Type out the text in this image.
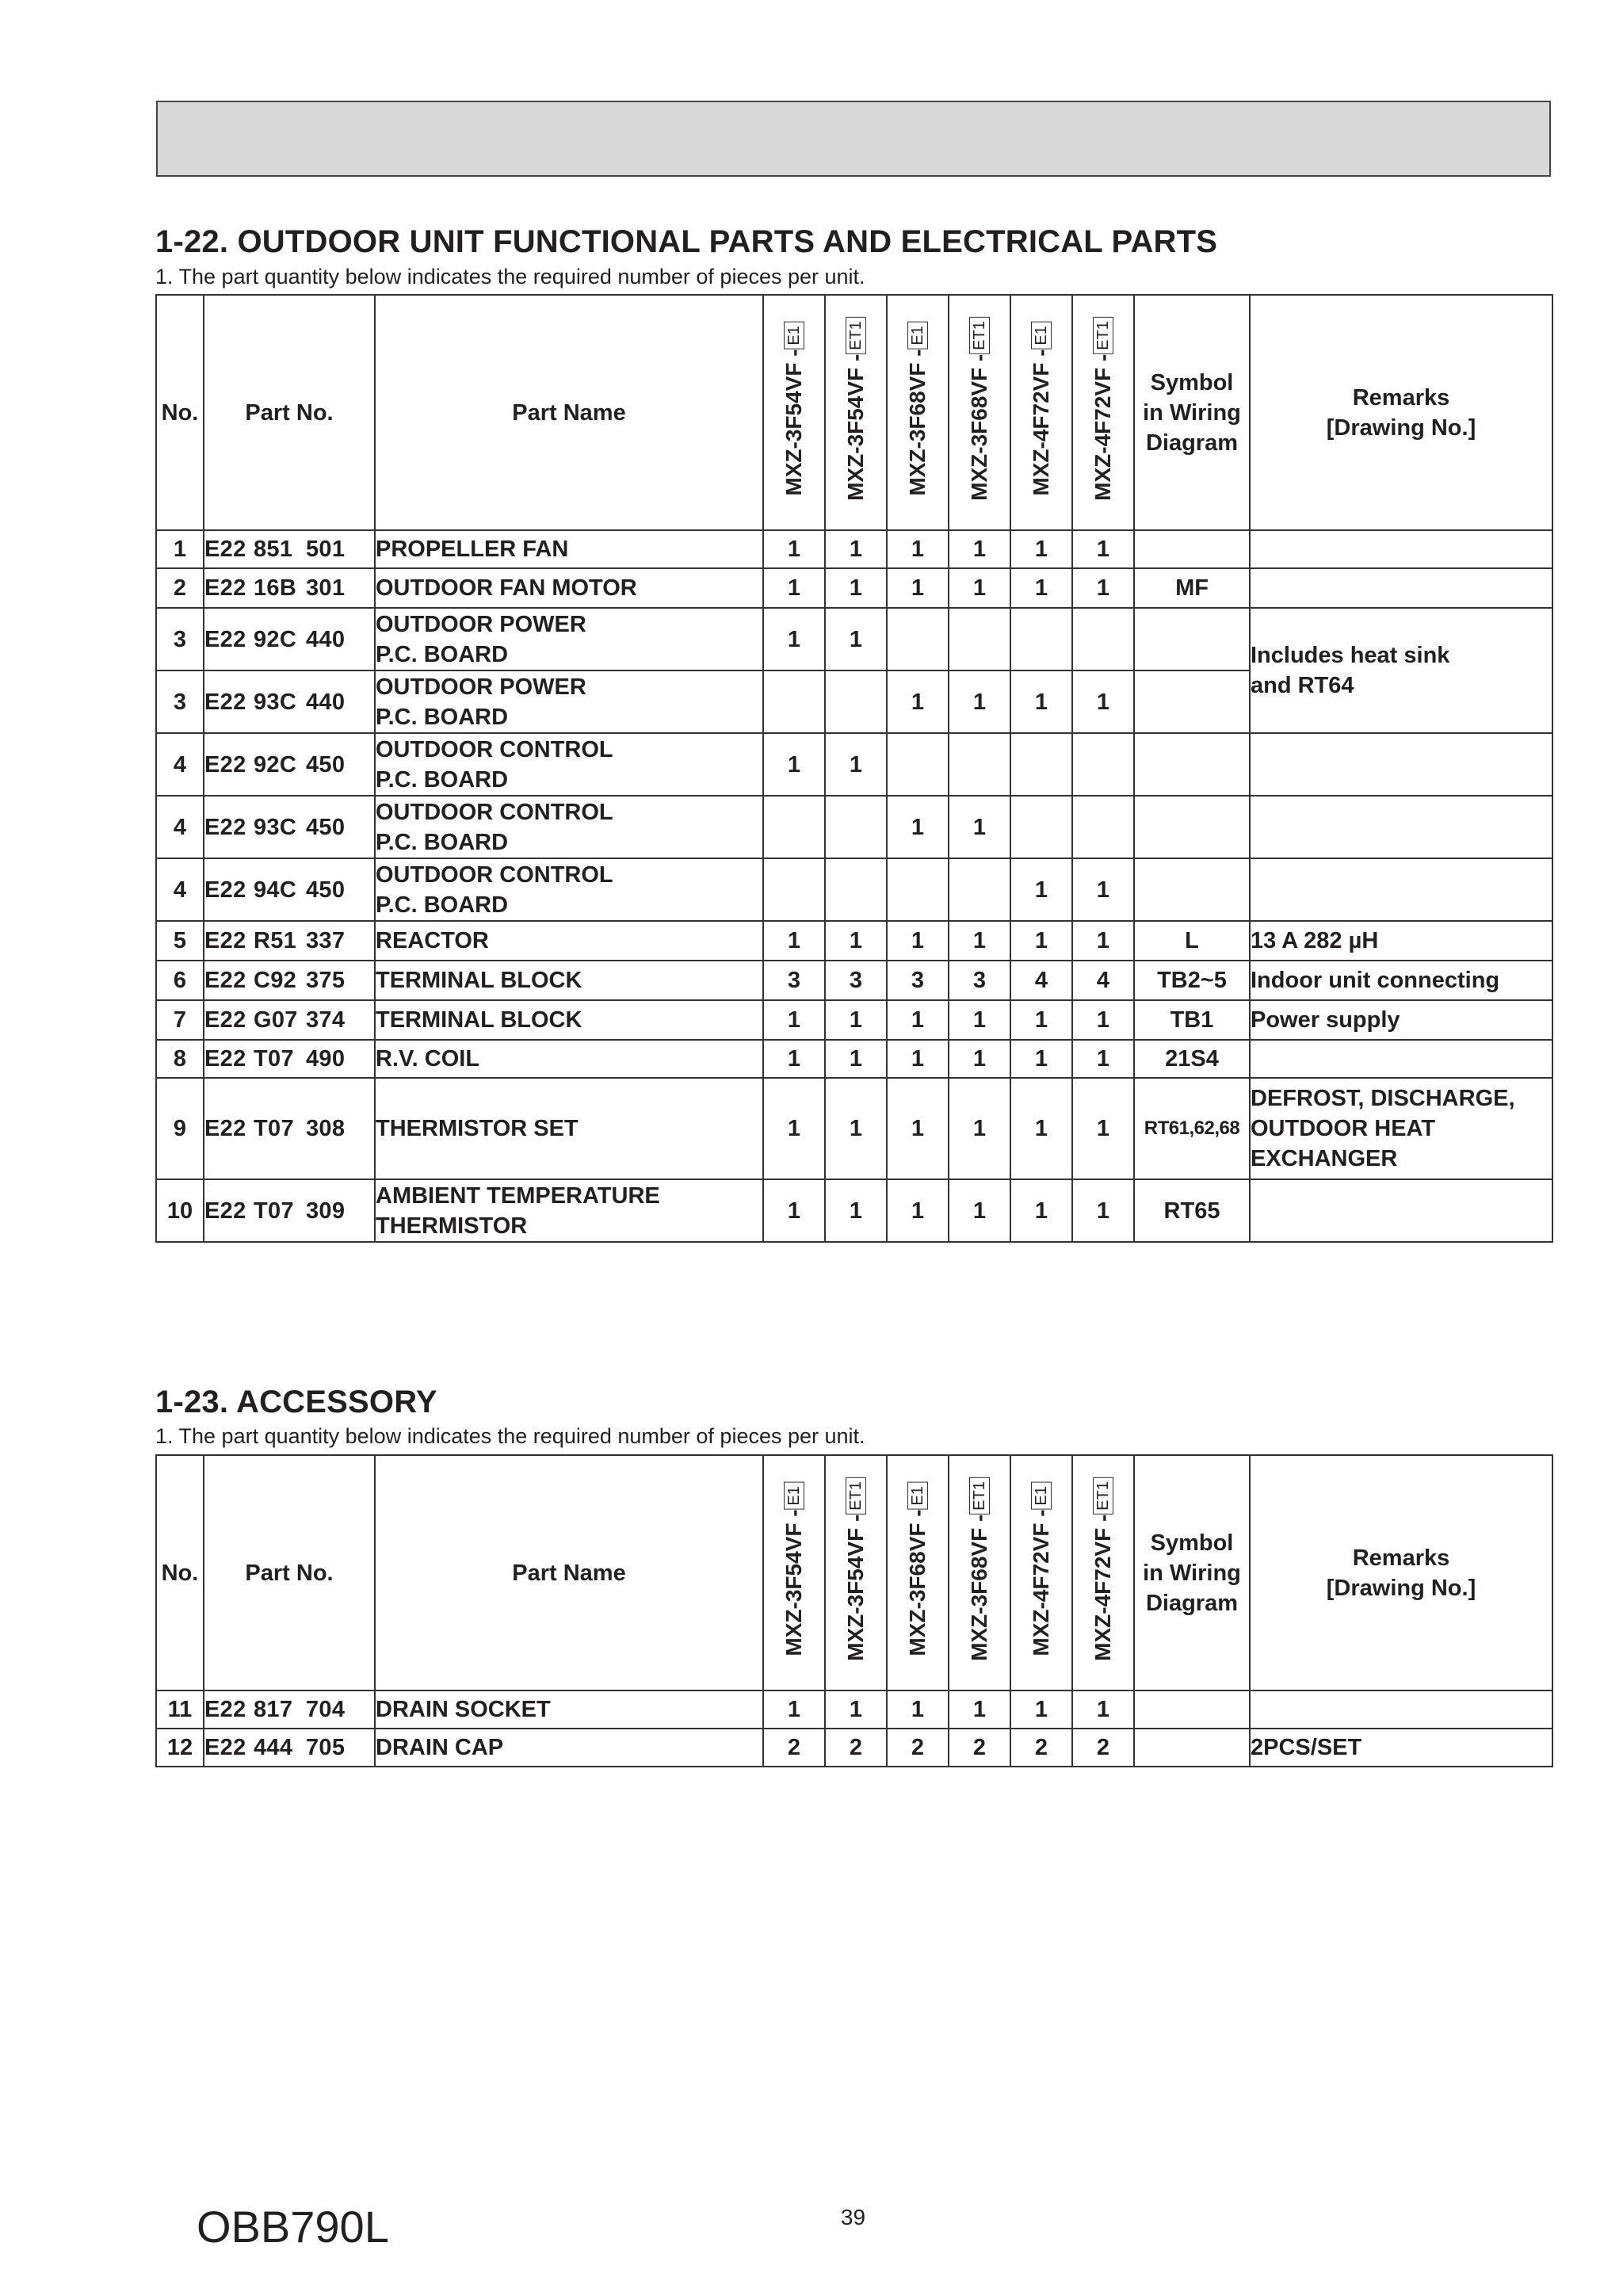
1-22. OUTDOOR UNIT FUNCTIONAL PARTS AND ELECTRICAL PARTS

1. The part quantity below indicates the required number of pieces per unit.

No.	Part No.	Part Name	MXZ-3F54VF -E1	MXZ-3F54VF -ET1	MXZ-3F68VF -E1	MXZ-3F68VF -ET1	MXZ-4F72VF -E1	MXZ-4F72VF -ET1	Symbol
in Wiring
Diagram	Remarks
[Drawing No.]
1	E22 851 501	PROPELLER FAN	1	1	1	1	1	1		
2	E22 16B 301	OUTDOOR FAN MOTOR	1	1	1	1	1	1	MF	
3	E22 92C 440	OUTDOOR POWER
P.C. BOARD	1	1						Includes heat sink
and RT64
3	E22 93C 440	OUTDOOR POWER
P.C. BOARD			1	1	1	1		
4	E22 92C 450	OUTDOOR CONTROL
P.C. BOARD	1	1						
4	E22 93C 450	OUTDOOR CONTROL
P.C. BOARD			1	1				
4	E22 94C 450	OUTDOOR CONTROL
P.C. BOARD					1	1		
5	E22 R51 337	REACTOR	1	1	1	1	1	1	L	13 A 282 µH
6	E22 C92 375	TERMINAL BLOCK	3	3	3	3	4	4	TB2~5	Indoor unit connecting
7	E22 G07 374	TERMINAL BLOCK	1	1	1	1	1	1	TB1	Power supply
8	E22 T07 490	R.V. COIL	1	1	1	1	1	1	21S4	
9	E22 T07 308	THERMISTOR SET	1	1	1	1	1	1	RT61,62,68	DEFROST, DISCHARGE,
OUTDOOR HEAT
EXCHANGER
10	E22 T07 309	AMBIENT TEMPERATURE
THERMISTOR	1	1	1	1	1	1	RT65	
1-23. ACCESSORY

1. The part quantity below indicates the required number of pieces per unit.

No.	Part No.	Part Name	MXZ-3F54VF -E1	MXZ-3F54VF -ET1	MXZ-3F68VF -E1	MXZ-3F68VF -ET1	MXZ-4F72VF -E1	MXZ-4F72VF -ET1	Symbol
in Wiring
Diagram	Remarks
[Drawing No.]
11	E22 817 704	DRAIN SOCKET	1	1	1	1	1	1		
12	E22 444 705	DRAIN CAP	2	2	2	2	2	2		2PCS/SET

OBB790L	39
